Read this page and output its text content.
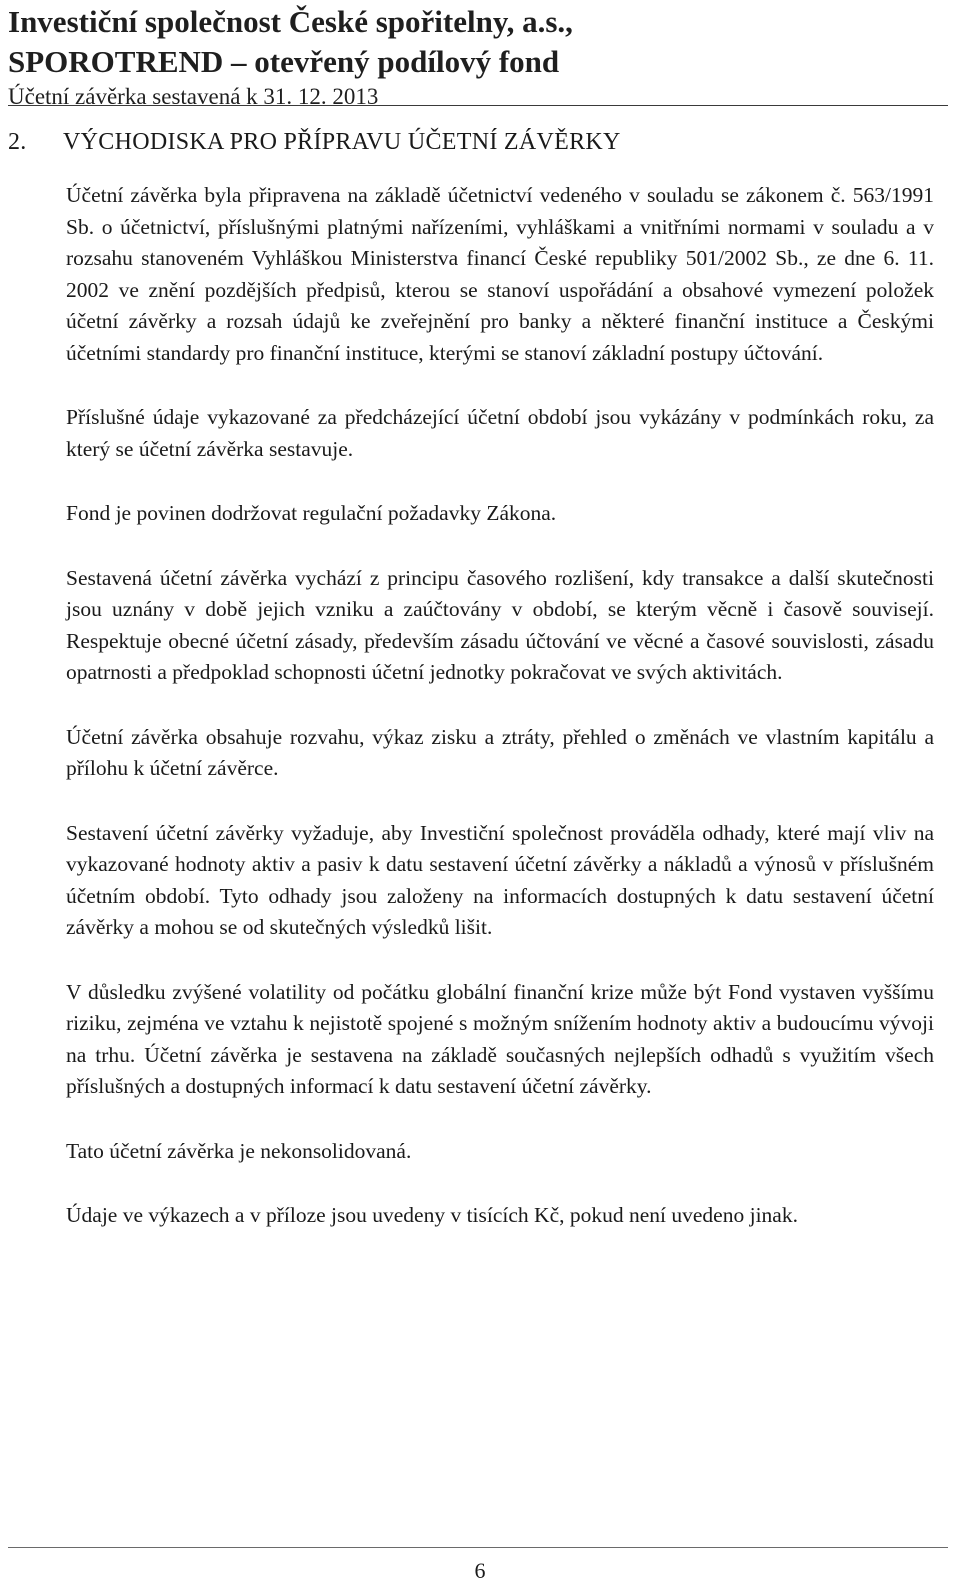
Investiční společnost České spořitelny, a.s.,
SPOROTREND – otevřený podílový fond
Účetní závěrka sestavená k 31. 12. 2013
2. VÝCHODISKA PRO PŘÍPRAVU ÚČETNÍ ZÁVĚRKY

Účetní závěrka byla připravena na základě účetnictví vedeného v souladu se zákonem č. 563/1991 Sb. o účetnictví, příslušnými platnými nařízeními, vyhláškami a vnitřními normami v souladu a v rozsahu stanoveném Vyhláškou Ministerstva financí České republiky 501/2002 Sb., ze dne 6. 11. 2002 ve znění pozdějších předpisů, kterou se stanoví uspořádání a obsahové vymezení položek účetní závěrky a rozsah údajů ke zveřejnění pro banky a některé finanční instituce a Českými účetními standardy pro finanční instituce, kterými se stanoví základní postupy účtování.

Příslušné údaje vykazované za předcházející účetní období jsou vykázány v podmínkách roku, za který se účetní závěrka sestavuje.

Fond je povinen dodržovat regulační požadavky Zákona.

Sestavená účetní závěrka vychází z principu časového rozlišení, kdy transakce a další skutečnosti jsou uznány v době jejich vzniku a zaúčtovány v období, se kterým věcně i časově souvisejí. Respektuje obecné účetní zásady, především zásadu účtování ve věcné a časové souvislosti, zásadu opatrnosti a předpoklad schopnosti účetní jednotky pokračovat ve svých aktivitách.

Účetní závěrka obsahuje rozvahu, výkaz zisku a ztráty, přehled o změnách ve vlastním kapitálu a přílohu k účetní závěrce.

Sestavení účetní závěrky vyžaduje, aby Investiční společnost prováděla odhady, které mají vliv na vykazované hodnoty aktiv a pasiv k datu sestavení účetní závěrky a nákladů a výnosů v příslušném účetním období. Tyto odhady jsou založeny na informacích dostupných k datu sestavení účetní závěrky a mohou se od skutečných výsledků lišit.

V důsledku zvýšené volatility od počátku globální finanční krize může být Fond vystaven vyššímu riziku, zejména ve vztahu k nejistotě spojené s možným snížením hodnoty aktiv a budoucímu vývoji na trhu. Účetní závěrka je sestavena na základě současných nejlepších odhadů s využitím všech příslušných a dostupných informací k datu sestavení účetní závěrky.

Tato účetní závěrka je nekonsolidovaná.

Údaje ve výkazech a v příloze jsou uvedeny v tisících Kč, pokud není uvedeno jinak.

6
